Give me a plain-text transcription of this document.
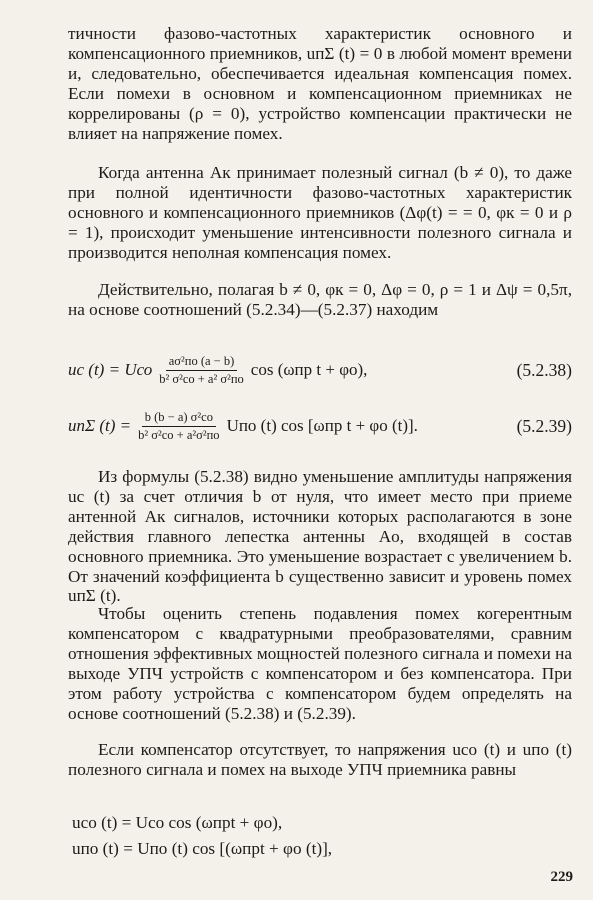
тичности фазово-частотных характеристик основного и компенсационного приемников, uпΣ (t) = 0 в любой момент времени и, следовательно, обеспечивается идеальная компенсация помех. Если помехи в основном и компенсационном приемниках не коррелированы (ρ = 0), устройство компенсации практически не влияет на напряжение помех.

Когда антенна Aк принимает полезный сигнал (b ≠ 0), то даже при полной идентичности фазово-частотных характеристик основного и компенсационного приемников (Δφ(t) = = 0, φк = 0 и ρ = 1), происходит уменьшение интенсивности полезного сигнала и производится неполная компенсация помех.

Действительно, полагая b ≠ 0, φк = 0, Δφ = 0, ρ = 1 и Δψ = 0,5π, на основе соотношений (5.2.34)—(5.2.37) находим

uc (t) = Uсо $\frac{\text{aσ²по (a − b)}}{\text{b² σ²со + a² σ²по}}$ cos (ωпр t + φо),	(5.2.38)
uпΣ $(t) = \frac{\text{b (b − a) σ²со}}{\text{b² σ²со + a²σ²по}}$ Uпо (t) cos [ωпр t + φо (t)].	(5.2.39)

Из формулы (5.2.38) видно уменьшение амплитуды напряжения uc (t) за счет отличия b от нуля, что имеет место при приеме антенной Aк сигналов, источники которых располагаются в зоне действия главного лепестка антенны Aо, входящей в состав основного приемника. Это уменьшение возрастает с увеличением b. От значений коэффициента b существенно зависит и уровень помех uпΣ (t).

Чтобы оценить степень подавления помех когерентным компенсатором с квадратурными преобразователями, сравним отношения эффективных мощностей полезного сигнала и помехи на выходе УПЧ устройств с компенсатором и без компенсатора. При этом работу устройства с компенсатором будем определять на основе соотношений (5.2.38) и (5.2.39).

Если компенсатор отсутствует, то напряжения uсо (t) и uпо (t) полезного сигнала и помех на выходе УПЧ приемника равны

uсо (t) = Uсо cos (ωпрt + φо),

uпо (t) = Uпо (t) cos [(ωпрt + φо (t)],

229
